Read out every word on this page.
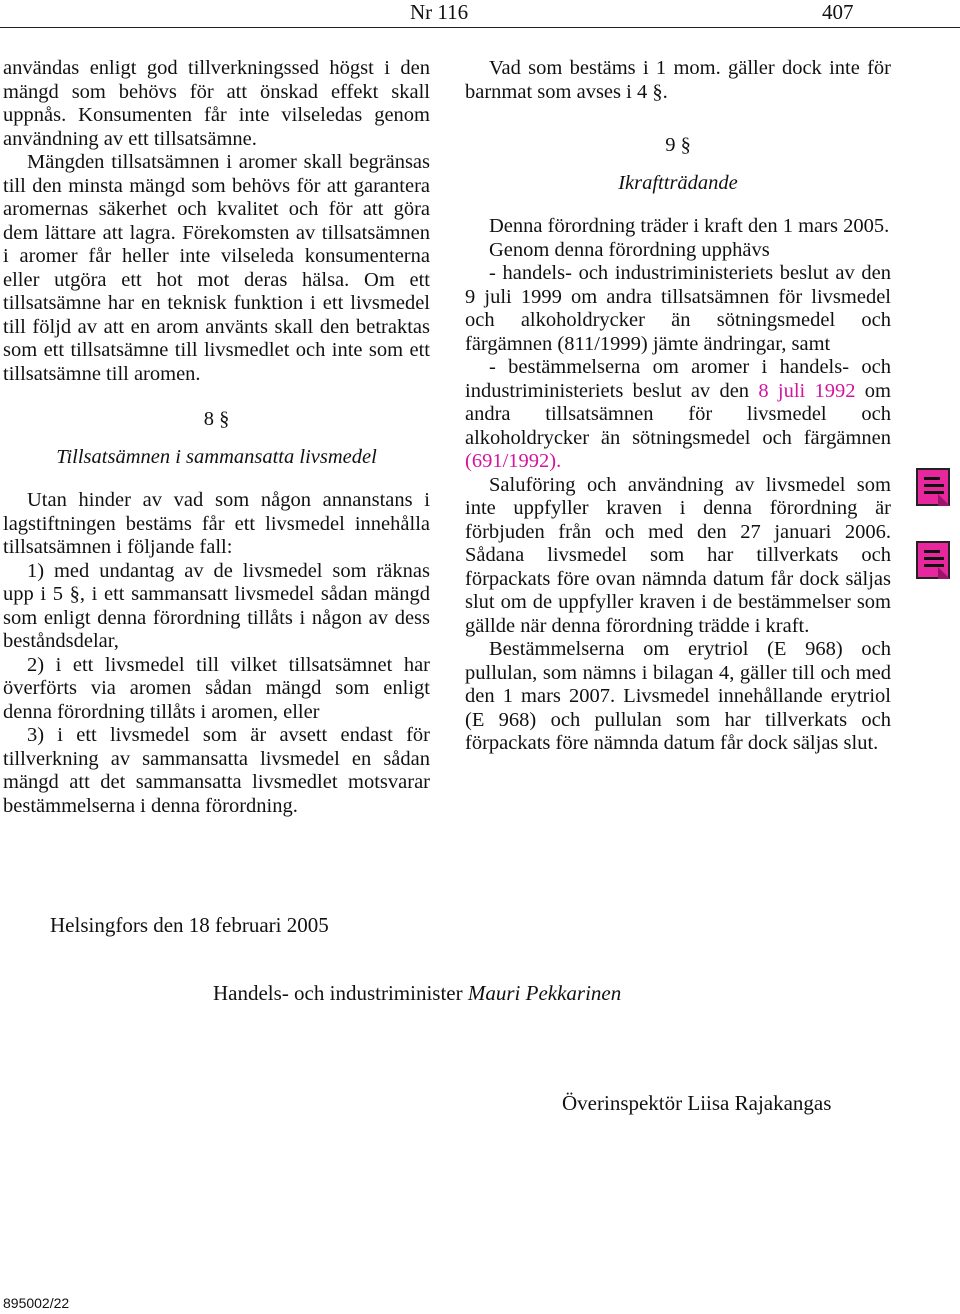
Nr 116	407

användas enligt god tillverkningssed högst i den mängd som behövs för att önskad effekt skall uppnås. Konsumenten får inte vilseledas genom användning av ett tillsatsämne.

Mängden tillsatsämnen i aromer skall begränsas till den minsta mängd som behövs för att garantera aromernas säkerhet och kvalitet och för att göra dem lättare att lagra. Förekomsten av tillsatsämnen i aromer får heller inte vilseleda konsumenterna eller utgöra ett hot mot deras hälsa. Om ett tillsatsämne har en teknisk funktion i ett livsmedel till följd av att en arom använts skall den betraktas som ett tillsatsämne till livsmedlet och inte som ett tillsatsämne till aromen.

8 §

Tillsatsämnen i sammansatta livsmedel

Utan hinder av vad som någon annanstans i lagstiftningen bestäms får ett livsmedel innehålla tillsatsämnen i följande fall:

1) med undantag av de livsmedel som räknas upp i 5 §, i ett sammansatt livsmedel sådan mängd som enligt denna förordning tillåts i någon av dess beståndsdelar,

2) i ett livsmedel till vilket tillsatsämnet har överförts via aromen sådan mängd som enligt denna förordning tillåts i aromen, eller

3) i ett livsmedel som är avsett endast för tillverkning av sammansatta livsmedel en sådan mängd att det sammansatta livsmedlet motsvarar bestämmelserna i denna förordning.

Vad som bestäms i 1 mom. gäller dock inte för barnmat som avses i 4 §.

9 §

Ikraftträdande

Denna förordning träder i kraft den 1 mars 2005.

Genom denna förordning upphävs

- handels- och industriministeriets beslut av den 9 juli 1999 om andra tillsatsämnen för livsmedel och alkoholdrycker än sötningsmedel och färgämnen (811/1999) jämte ändringar, samt

- bestämmelserna om aromer i handels- och industriministeriets beslut av den 8 juli 1992 om andra tillsatsämnen för livsmedel och alkoholdrycker än sötningsmedel och färgämnen (691/1992).

Saluföring och användning av livsmedel som inte uppfyller kraven i denna förordning är förbjuden från och med den 27 januari 2006. Sådana livsmedel som har tillverkats och förpackats före ovan nämnda datum får dock säljas slut om de uppfyller kraven i de bestämmelser som gällde när denna förordning trädde i kraft.

Bestämmelserna om erytriol (E 968) och pullulan, som nämns i bilagan 4, gäller till och med den 1 mars 2007. Livsmedel innehållande erytriol (E 968) och pullulan som har tillverkats och förpackats före nämnda datum får dock säljas slut.

Helsingfors den 18 februari 2005
Handels- och industriminister Mauri Pekkarinen
Överinspektör Liisa Rajakangas
895002/22
